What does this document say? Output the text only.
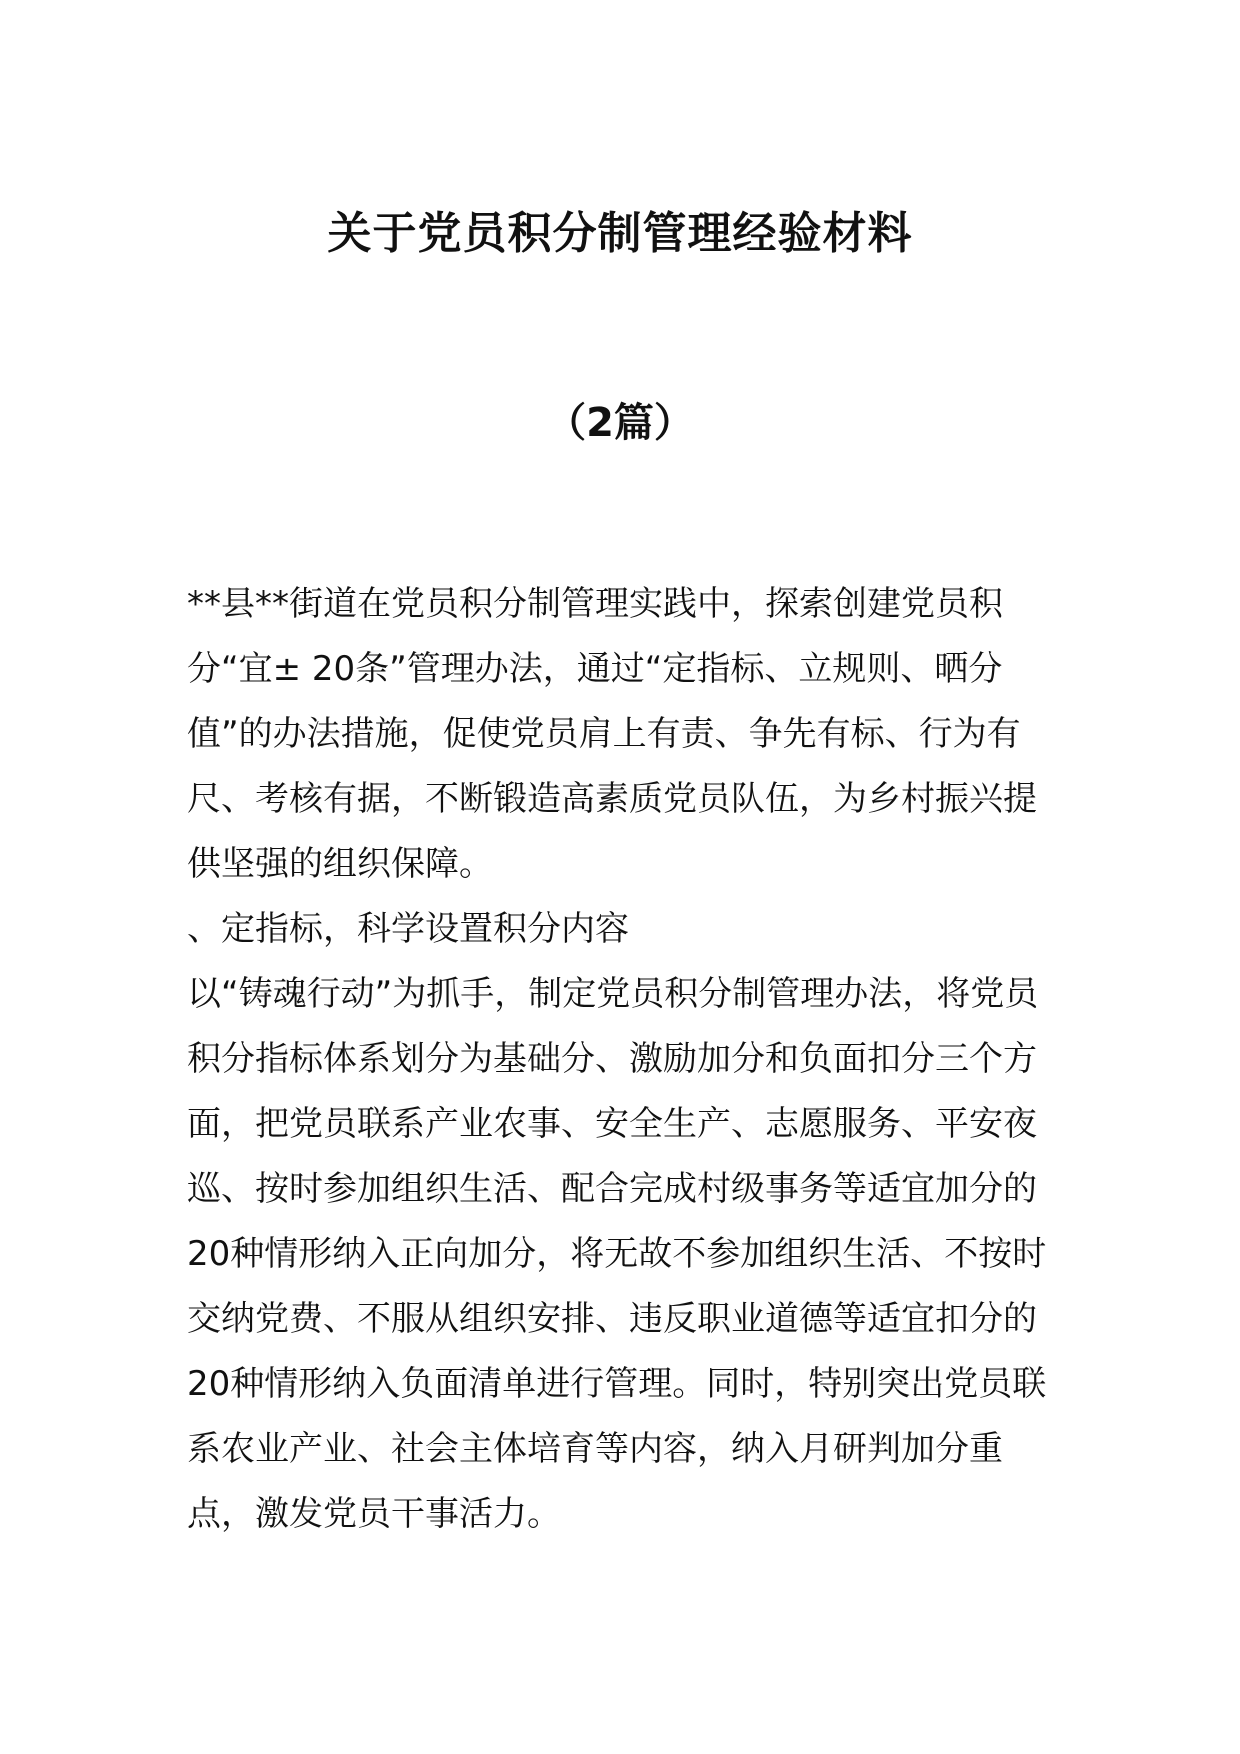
关于党员积分制管理经验材料
（2篇）

**县**街道在党员积分制管理实践中，探索创建党员积分“宜± 20条”管理办法，通过“定指标、立规则、晒分值”的办法措施，促使党员肩上有责、争先有标、行为有尺、考核有据，不断锻造高素质党员队伍，为乡村振兴提供坚强的组织保障。

、定指标，科学设置积分内容

以“铸魂行动”为抓手，制定党员积分制管理办法，将党员积分指标体系划分为基础分、激励加分和负面扣分三个方面，把党员联系产业农事、安全生产、志愿服务、平安夜巡、按时参加组织生活、配合完成村级事务等适宜加分的20种情形纳入正向加分，将无故不参加组织生活、不按时交纳党费、不服从组织安排、违反职业道德等适宜扣分的20种情形纳入负面清单进行管理。同时，特别突出党员联系农业产业、社会主体培育等内容，纳入月研判加分重点，激发党员干事活力。
